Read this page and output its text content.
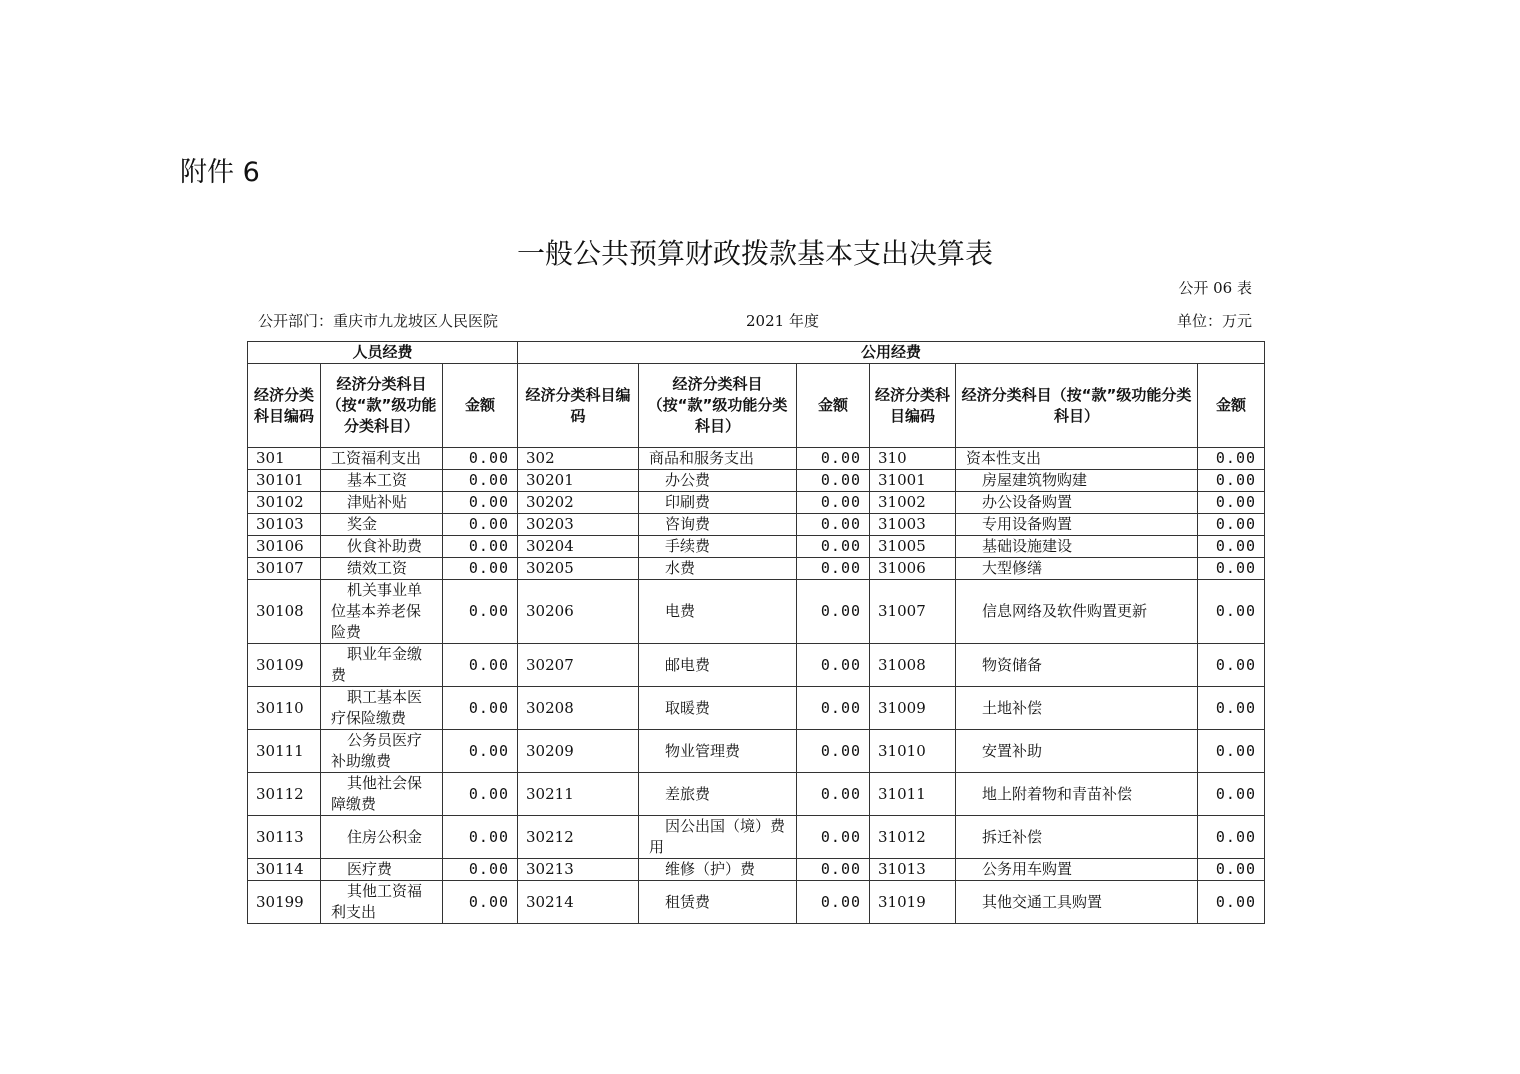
附件 6
一般公共预算财政拨款基本支出决算表
公开 06 表
公开部门：重庆市九龙坡区人民医院	2021 年度	单位：万元
人员经费			公用经费					
经济分类科目编码	经济分类科目（按“款”级功能分类科目）	金额	经济分类科目编码	经济分类科目（按“款”级功能分类科目）	金额	经济分类科目编码	经济分类科目（按“款”级功能分类科目）	金额
301	工资福利支出	0.00	302	商品和服务支出	0.00	310	资本性支出	0.00
30101	基本工资	0.00	30201	办公费	0.00	31001	房屋建筑物购建	0.00
30102	津贴补贴	0.00	30202	印刷费	0.00	31002	办公设备购置	0.00
30103	奖金	0.00	30203	咨询费	0.00	31003	专用设备购置	0.00
30106	伙食补助费	0.00	30204	手续费	0.00	31005	基础设施建设	0.00
30107	绩效工资	0.00	30205	水费	0.00	31006	大型修缮	0.00
30108	机关事业单位基本养老保险费	0.00	30206	电费	0.00	31007	信息网络及软件购置更新	0.00
30109	职业年金缴费	0.00	30207	邮电费	0.00	31008	物资储备	0.00
30110	职工基本医疗保险缴费	0.00	30208	取暖费	0.00	31009	土地补偿	0.00
30111	公务员医疗补助缴费	0.00	30209	物业管理费	0.00	31010	安置补助	0.00
30112	其他社会保障缴费	0.00	30211	差旅费	0.00	31011	地上附着物和青苗补偿	0.00
30113	住房公积金	0.00	30212	因公出国（境）费用	0.00	31012	拆迁补偿	0.00
30114	医疗费	0.00	30213	维修（护）费	0.00	31013	公务用车购置	0.00
30199	其他工资福利支出	0.00	30214	租赁费	0.00	31019	其他交通工具购置	0.00
